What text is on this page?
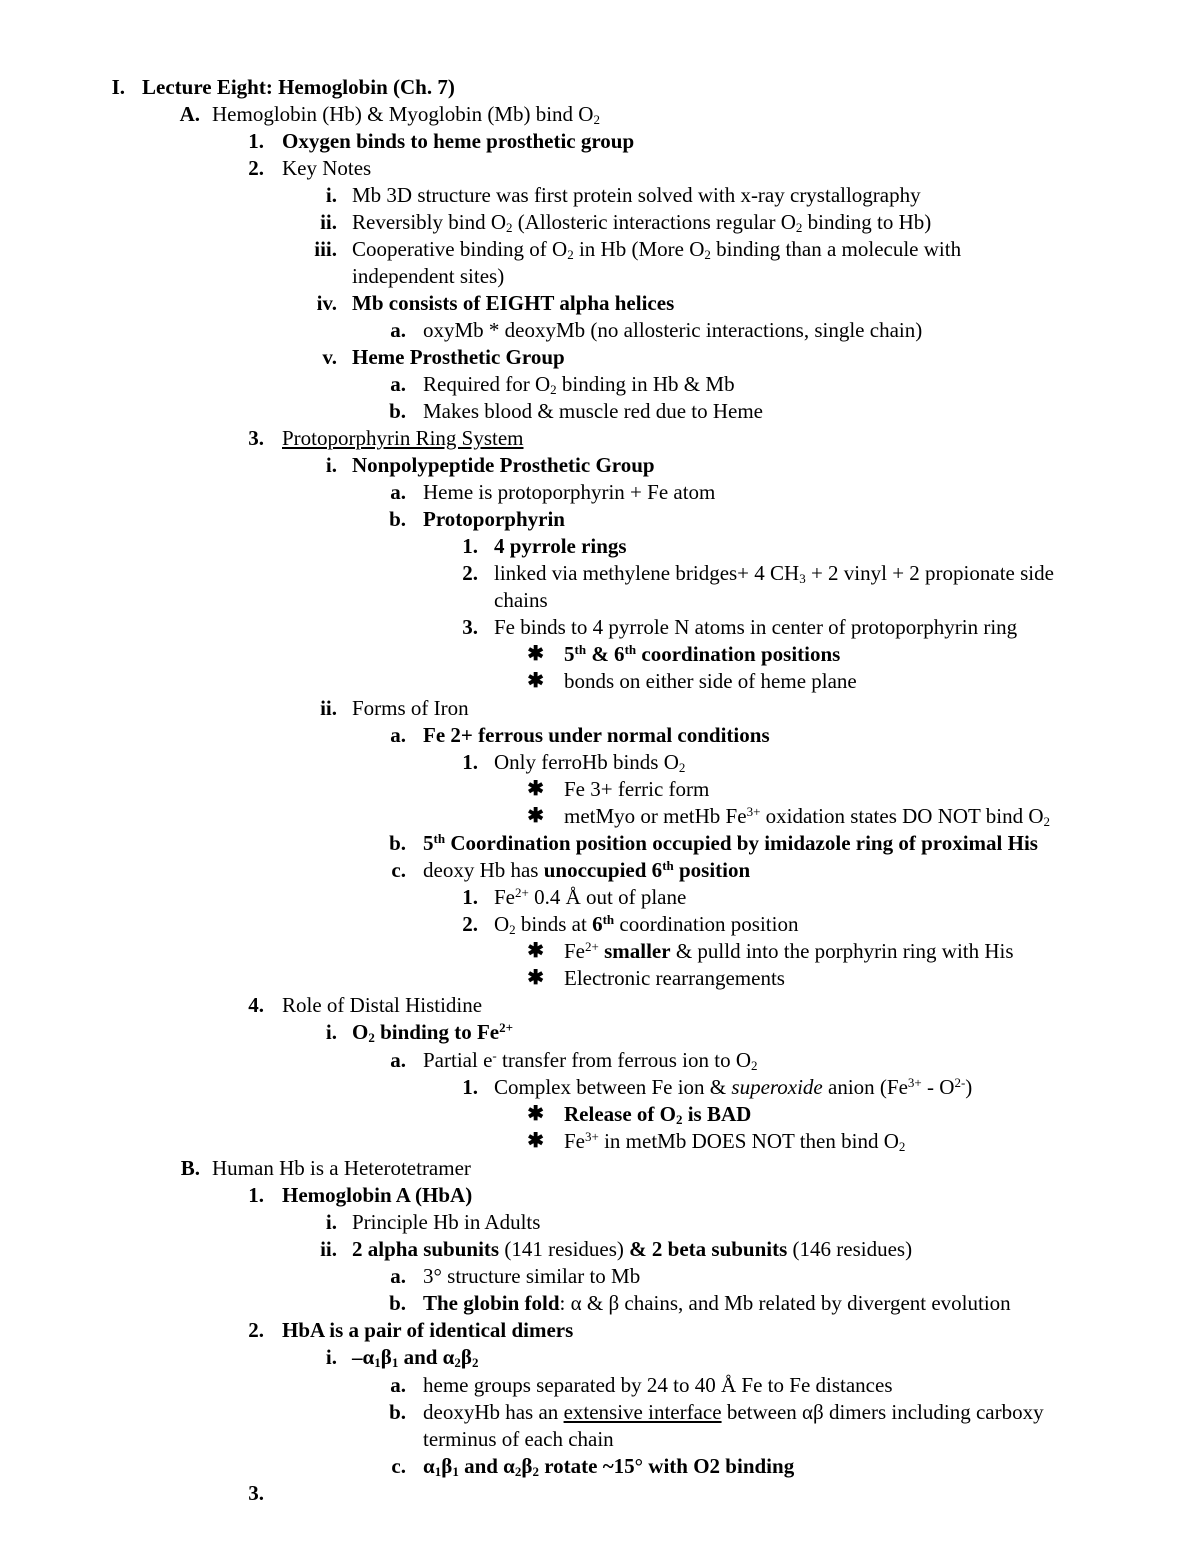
I. Lecture Eight: Hemoglobin (Ch. 7)
A. Hemoglobin (Hb) & Myoglobin (Mb) bind $O_2$
1. Oxygen binds to heme prosthetic group
2. Key Notes
i. Mb 3D structure was first protein solved with x-ray crystallography
ii. Reversibly bind $O_2$ (Allosteric interactions regular $O_2$ binding to Hb)
iii. Cooperative binding of $O_2$ in Hb (More $O_2$ binding than a molecule with
independent sites)
iv. Mb consists of EIGHT alpha helices
a. oxyMb * deoxyMb (no allosteric interactions, single chain)
v. Heme Prosthetic Group
a. Required for $O_2$ binding in Hb & Mb
b. Makes blood & muscle red due to Heme
3. Protoporphyrin Ring System
i. Nonpolypeptide Prosthetic Group
a. Heme is protoporphyrin + Fe atom
b. Protoporphyrin
1. 4 pyrrole rings
2. linked via methylene bridges+ 4 $CH_3 + 2$ vinyl + 2 propionate side
chains
3. Fe binds to 4 pyrrole N atoms in center of protoporphyrin ring
✱ 5th & 6th coordination positions
✱ bonds on either side of heme plane
ii. Forms of Iron
a. Fe 2+ ferrous under normal conditions
1. Only ferroHb binds $O_2$
✱ Fe 3+ ferric form
✱ metMyo or metHb $Fe^{3+}$ oxidation states DO NOT bind $O_2$
b. 5th Coordination position occupied by imidazole ring of proximal His
c. deoxy Hb has unoccupied 6th position
1. $Fe^{2+}$ 0.4 Å out of plane
2. $O_2$ binds at 6th coordination position
✱ $Fe^{2+}$ smaller & pulld into the porphyrin ring with His
✱ Electronic rearrangements
4. Role of Distal Histidine
i. $O_2$ binding to $Fe^{2+}$
a. Partial e- transfer from ferrous ion to $O_2$
1. Complex between Fe ion & superoxide anion $(Fe^{3+} - O^{2-})$
✱ Release of $O_2$ is BAD
✱ $Fe^{3+}$ in metMb DOES NOT then bind $O_2$
B. Human Hb is a Heterotetramer
1. Hemoglobin A (HbA)
i. Principle Hb in Adults
ii. 2 alpha subunits (141 residues) & 2 beta subunits (146 residues)
a. 3° structure similar to Mb
b. The globin fold: α & β chains, and Mb related by divergent evolution
2. HbA is a pair of identical dimers
i. $-\alpha_1\beta_1$ and $\alpha_2\beta_2$
a. heme groups separated by 24 to 40 Å Fe to Fe distances
b. deoxyHb has an extensive interface between αβ dimers including carboxy
terminus of each chain
c. $\alpha_1\beta_1$ and $\alpha_2\beta_2$ rotate ~15° with O2 binding
3.
